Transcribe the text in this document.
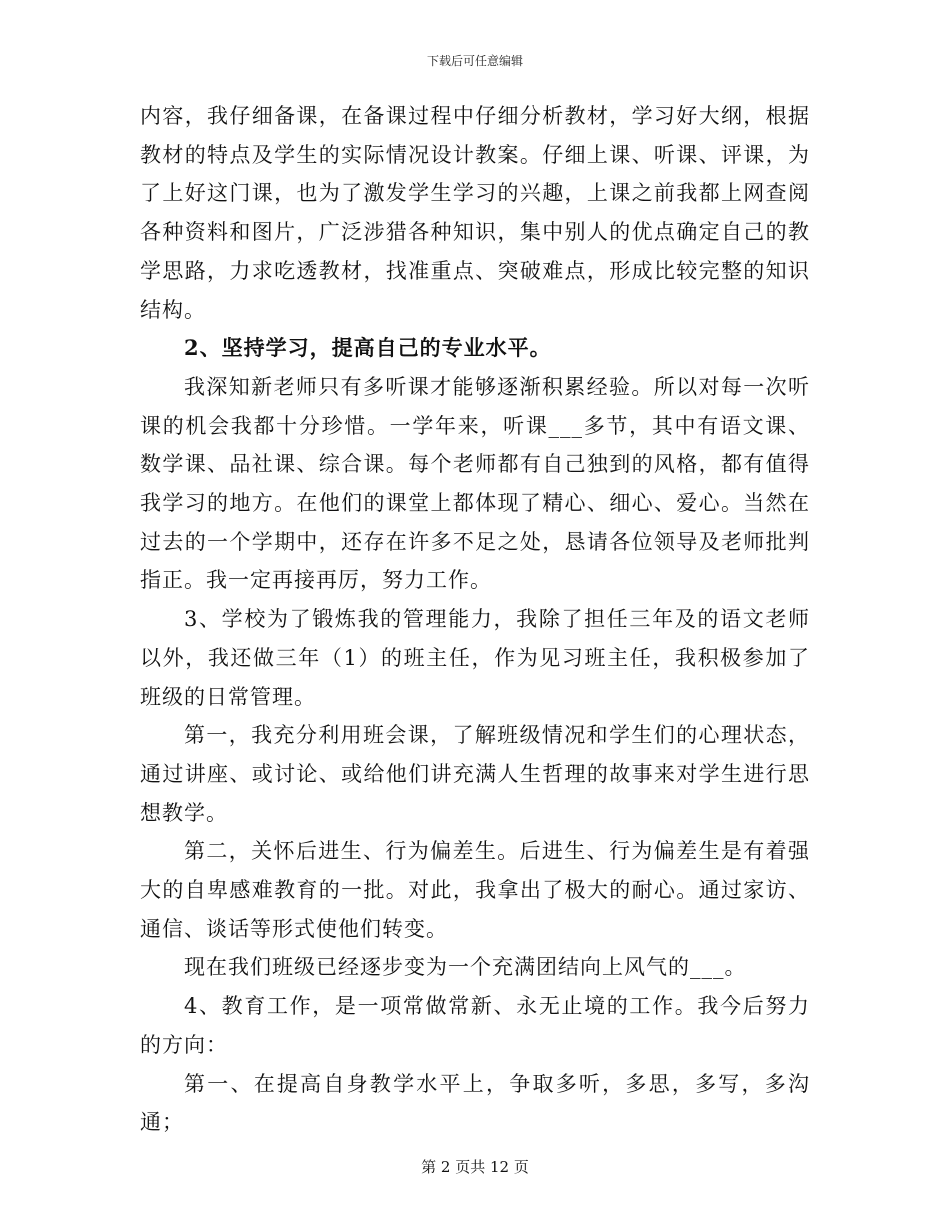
下载后可任意编辑

内容，我仔细备课，在备课过程中仔细分析教材，学习好大纲，根据教材的特点及学生的实际情况设计教案。仔细上课、听课、评课，为了上好这门课，也为了激发学生学习的兴趣，上课之前我都上网查阅各种资料和图片，广泛涉猎各种知识，集中别人的优点确定自己的教学思路，力求吃透教材，找准重点、突破难点，形成比较完整的知识结构。

2、坚持学习，提高自己的专业水平。

我深知新老师只有多听课才能够逐渐积累经验。所以对每一次听课的机会我都十分珍惜。一学年来，听课___多节，其中有语文课、数学课、品社课、综合课。每个老师都有自己独到的风格，都有值得我学习的地方。在他们的课堂上都体现了精心、细心、爱心。当然在过去的一个学期中，还存在许多不足之处，恳请各位领导及老师批判指正。我一定再接再厉，努力工作。

3、学校为了锻炼我的管理能力，我除了担任三年及的语文老师以外，我还做三年（1）的班主任，作为见习班主任，我积极参加了班级的日常管理。

第一，我充分利用班会课，了解班级情况和学生们的心理状态，通过讲座、或讨论、或给他们讲充满人生哲理的故事来对学生进行思想教学。

第二，关怀后进生、行为偏差生。后进生、行为偏差生是有着强大的自卑感难教育的一批。对此，我拿出了极大的耐心。通过家访、通信、谈话等形式使他们转变。

现在我们班级已经逐步变为一个充满团结向上风气的___。

4、教育工作，是一项常做常新、永无止境的工作。我今后努力的方向：

第一、在提高自身教学水平上，争取多听，多思，多写，多沟通；

第 2 页共 12 页
